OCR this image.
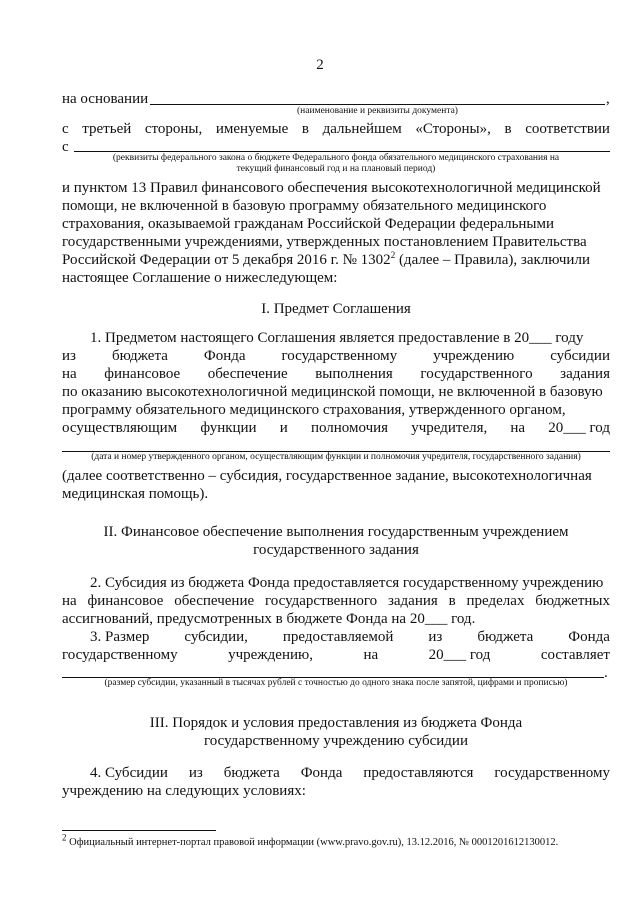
2
на основании	,
(наименование и реквизиты документа)
с третьей стороны, именуемые в дальнейшем «Стороны», в соответствии
с
(реквизиты федерального закона о бюджете Федерального фонда обязательного медицинского страхования на
текущий финансовый год и на плановый период)
и пунктом 13 Правил финансового обеспечения высокотехнологичной медицинской
помощи, не включенной в базовую программу обязательного медицинского
страхования, оказываемой гражданам Российской Федерации федеральными
государственными учреждениями, утвержденных постановлением Правительства
Российской Федерации от 5 декабря 2016 г. № 1302$^2$ (далее – Правила), заключили
настоящее Соглашение о нижеследующем:
I. Предмет Соглашения
1. Предметом настоящего Соглашения является предоставление в 20___ году
из бюджета Фонда государственному учреждению субсидии
на финансовое обеспечение выполнения государственного задания
по оказанию высокотехнологичной медицинской помощи, не включенной в базовую
программу обязательного медицинского страхования, утвержденного органом,
осуществляющим функции и полномочия учредителя, на 20___ год
(дата и номер утвержденного органом, осуществляющим функции и полномочия учредителя, государственного задания)
(далее соответственно – субсидия, государственное задание, высокотехнологичная
медицинская помощь).
II. Финансовое обеспечение выполнения государственным учреждением
государственного задания
2. Субсидия из бюджета Фонда предоставляется государственному учреждению
на финансовое обеспечение государственного задания в пределах бюджетных
ассигнований, предусмотренных в бюджете Фонда на 20___ год.
3. Размер субсидии, предоставляемой из бюджета Фонда
государственному	учреждению,	на	20___ год	составляет
.
(размер субсидии, указанный в тысячах рублей с точностью до одного знака после запятой, цифрами и прописью)
III. Порядок и условия предоставления из бюджета Фонда
государственному учреждению субсидии
4. Субсидии из бюджета Фонда предоставляются государственному
учреждению на следующих условиях:
$^2$ Официальный интернет-портал правовой информации (www.pravo.gov.ru), 13.12.2016, № 0001201612130012.
